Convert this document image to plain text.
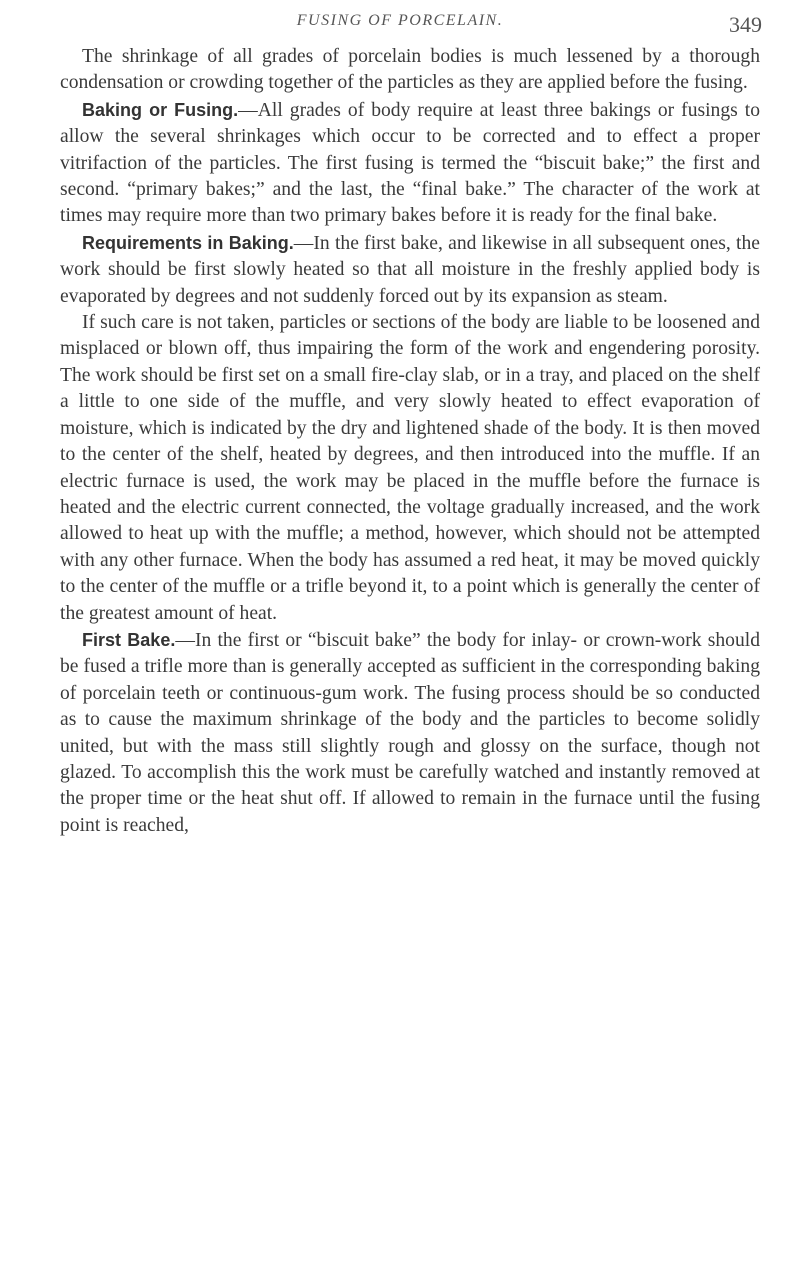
FUSING OF PORCELAIN.	349

The shrinkage of all grades of porcelain bodies is much lessened by a thorough condensation or crowding together of the particles as they are applied before the fusing.

Baking or Fusing.—All grades of body require at least three bakings or fusings to allow the several shrinkages which occur to be corrected and to effect a proper vitrifaction of the particles. The first fusing is termed the “biscuit bake;” the first and second. “primary bakes;” and the last, the “final bake.” The character of the work at times may require more than two primary bakes before it is ready for the final bake.

Requirements in Baking.—In the first bake, and likewise in all subsequent ones, the work should be first slowly heated so that all moisture in the freshly applied body is evaporated by degrees and not suddenly forced out by its expansion as steam.

If such care is not taken, particles or sections of the body are liable to be loosened and misplaced or blown off, thus impairing the form of the work and engendering porosity. The work should be first set on a small fire-clay slab, or in a tray, and placed on the shelf a little to one side of the muffle, and very slowly heated to effect evaporation of moisture, which is indicated by the dry and lightened shade of the body. It is then moved to the center of the shelf, heated by degrees, and then introduced into the muffle. If an electric furnace is used, the work may be placed in the muffle before the furnace is heated and the electric current connected, the voltage gradually increased, and the work allowed to heat up with the muffle; a method, however, which should not be attempted with any other furnace. When the body has assumed a red heat, it may be moved quickly to the center of the muffle or a trifle beyond it, to a point which is generally the center of the greatest amount of heat.

First Bake.—In the first or “biscuit bake” the body for inlay- or crown-work should be fused a trifle more than is generally accepted as sufficient in the corresponding baking of porcelain teeth or continuous-gum work. The fusing process should be so conducted as to cause the maximum shrinkage of the body and the particles to become solidly united, but with the mass still slightly rough and glossy on the surface, though not glazed. To accomplish this the work must be carefully watched and instantly removed at the proper time or the heat shut off. If allowed to remain in the furnace until the fusing point is reached,
